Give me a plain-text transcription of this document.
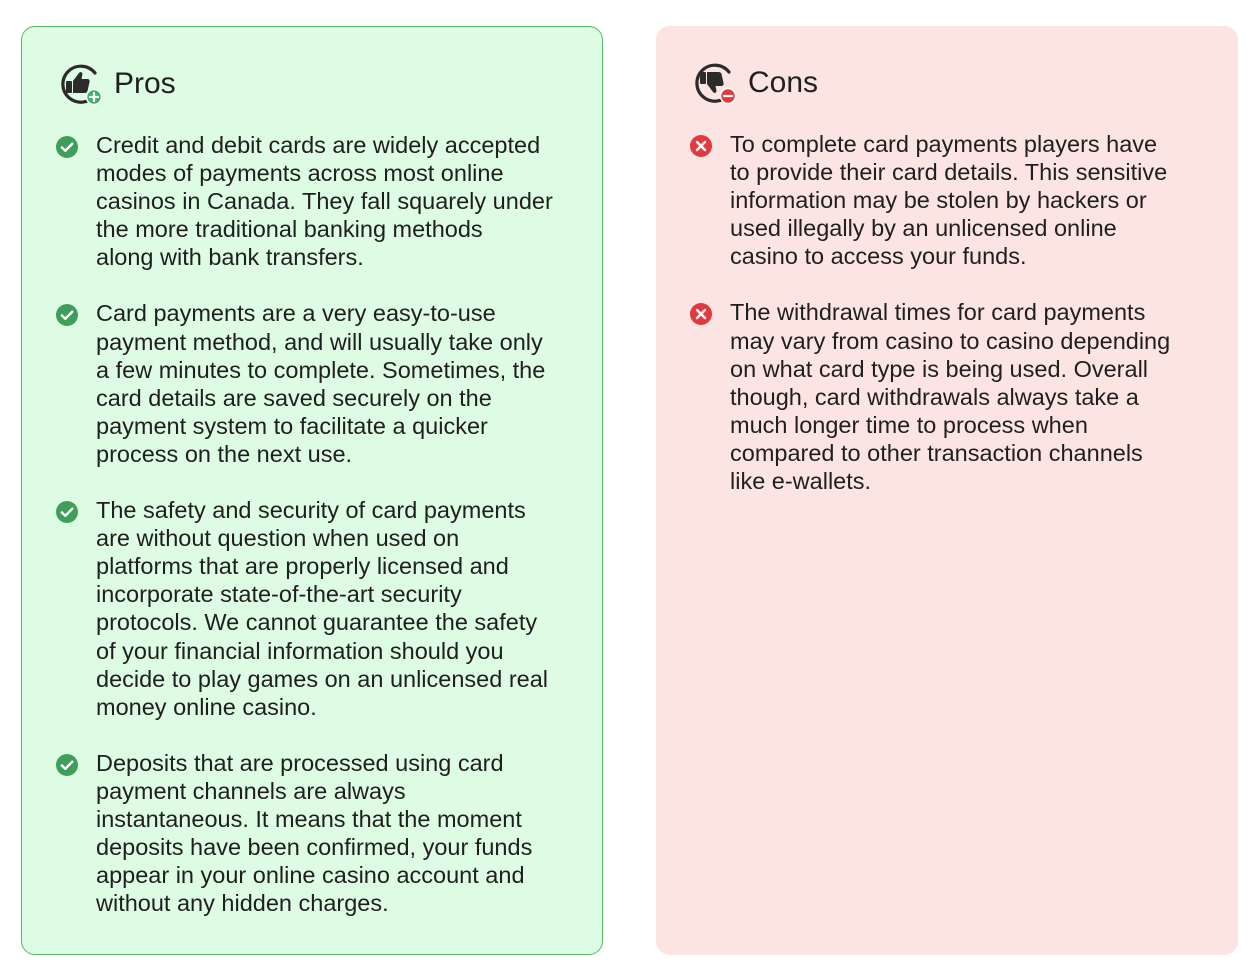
Pros
Credit and debit cards are widely accepted
modes of payments across most online
casinos in Canada. They fall squarely under
the more traditional banking methods
along with bank transfers.
Card payments are a very easy-to-use
payment method, and will usually take only
a few minutes to complete. Sometimes, the
card details are saved securely on the
payment system to facilitate a quicker
process on the next use.
The safety and security of card payments
are without question when used on
platforms that are properly licensed and
incorporate state-of-the-art security
protocols. We cannot guarantee the safety
of your financial information should you
decide to play games on an unlicensed real
money online casino.
Deposits that are processed using card
payment channels are always
instantaneous. It means that the moment
deposits have been confirmed, your funds
appear in your online casino account and
without any hidden charges.
Cons
To complete card payments players have
to provide their card details. This sensitive
information may be stolen by hackers or
used illegally by an unlicensed online
casino to access your funds.
The withdrawal times for card payments
may vary from casino to casino depending
on what card type is being used. Overall
though, card withdrawals always take a
much longer time to process when
compared to other transaction channels
like e-wallets.
